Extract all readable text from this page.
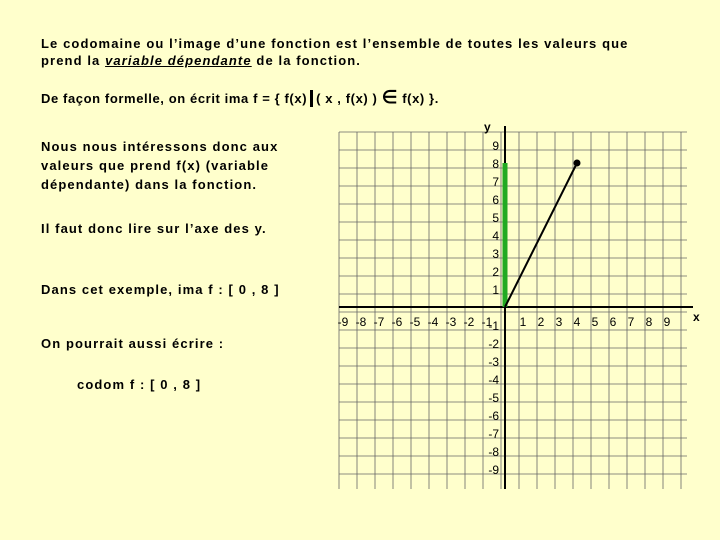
Le codomaine ou l’image d’une fonction est l’ensemble de toutes les valeurs que
prend la variable dépendante de la fonction.
De façon formelle, on écrit ima f = { f(x) ( x , f(x) ) ∈ f(x) }.
Nous nous intéressons donc aux valeurs que prend f(x) (variable dépendante) dans la fonction.
Il faut donc lire sur l’axe des y.
Dans cet exemple, ima f : [ 0 , 8 ]
On pourrait aussi écrire :
codom f : [ 0 , 8 ]
y
x
-9 -8 -7 -6 -5 -4 -3 -2 -1 1 2 3 4 5 6 7 8 9
9
8
7
6
5
4
3
2
1
-1
-2
-3
-4
-5
-6
-7
-8
-9
